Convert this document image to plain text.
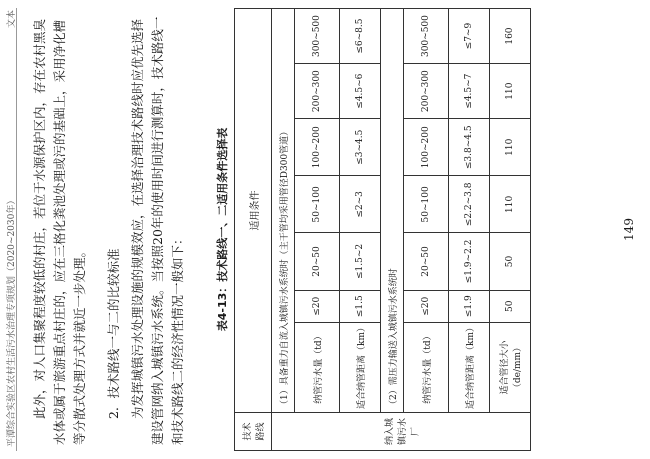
平潭综合实验区农村生活污水治理专项规划（2020~2030年）
文本 此外，对人口集聚程度较低的村庄，若位于水源保护区内，存在农村黑臭水体或属于旅游重点村庄的，应在三格化粪池处理或污的基础上，采用净化槽等分散式处理方式并就近一步处理。 2．技术路线一与二的比较标准 为发挥城镇污水处理设施的规模效应，在选择治理技术路线时应优先选择建设管网纳入城镇污水系统。当按照20年的使用时间进行测算时，技术路线一和技术路线二的经济性情况一般如下：

表4-13：技术路线一、二适用条件选择表
技术 路线	适用条件						
纳入城镇污水厂	（1）具备重力自流入城镇污水系统时（主干管均采用管径D300管道）						
	纳管污水量（td）	≤20	20~50	50~100	100~200	200~300	300~500
	适合纳管距离（km）	≤1.5	≤1.5~2	≤2~3	≤3~4.5	≤4.5~6	≤6~8.5
	（2）需压力输送入城镇污水系统时						
	纳管污水量（td）	≤20	20~50	50~100	100~200	200~300	300~500
	适合纳管距离（km）	≤1.9	≤1.9~2.2	≤2.2~3.8	≤3.8~4.5	≤4.5~7	≤7~9
	适合管径大小（de/mm）	50	50	110	110	110	160
149
